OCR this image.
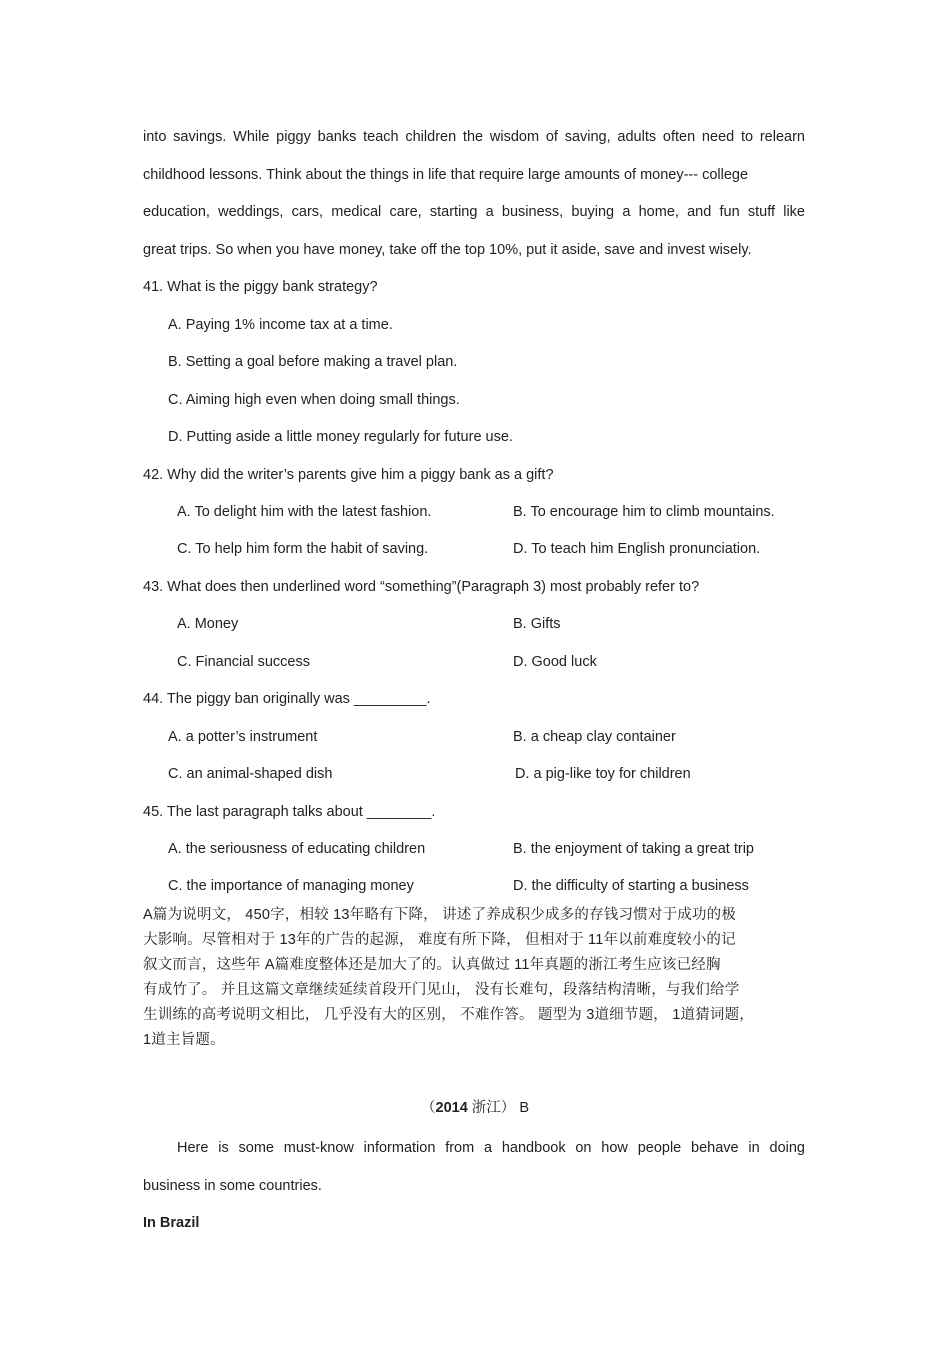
into savings. While piggy banks teach children the wisdom of saving, adults often need to relearn
childhood lessons. Think about the things in life that require large amounts of money--- college
education, weddings, cars, medical care, starting a business, buying a home, and fun stuff like
great trips. So when you have money, take off the top 10%, put it aside, save and invest wisely.
41. What is the piggy bank strategy?
A. Paying 1% income tax at a time.
B. Setting a goal before making a travel plan.
C. Aiming high even when doing small things.
D. Putting aside a little money regularly for future use.
42. Why did the writer’s parents give him a piggy bank as a gift?
A. To delight him with the latest fashion.	B. To encourage him to climb mountains.
C. To help him form the habit of saving.	D. To teach him English pronunciation.
43. What does then underlined word “something”(Paragraph 3) most probably refer to?
A. Money	B. Gifts
C. Financial success	D. Good luck
44. The piggy ban originally was _________.
A. a potter’s instrument	B. a cheap clay container
C. an animal-shaped dish	D. a pig-like toy for children
45. The last paragraph talks about ________.
A. the seriousness of educating children	B. the enjoyment of taking a great trip
C. the importance of managing money	D. the difficulty of starting a business
A篇为说明文， 450字，相较 13年略有下降， 讲述了养成积少成多的存钱习惯对于成功的极
大影响。尽管相对于 13年的广告的起源， 难度有所下降， 但相对于 11年以前难度较小的记
叙文而言，这些年 A篇难度整体还是加大了的。认真做过 11年真题的浙江考生应该已经胸
有成竹了。 并且这篇文章继续延续首段开门见山， 没有长难句，段落结构清晰，与我们给学
生训练的高考说明文相比， 几乎没有大的区别， 不难作答。 题型为 3道细节题， 1道猜词题，
1道主旨题。
（2014 浙江） B
Here is some must-know information from a handbook on how people behave in doing
business in some countries.
In Brazil
